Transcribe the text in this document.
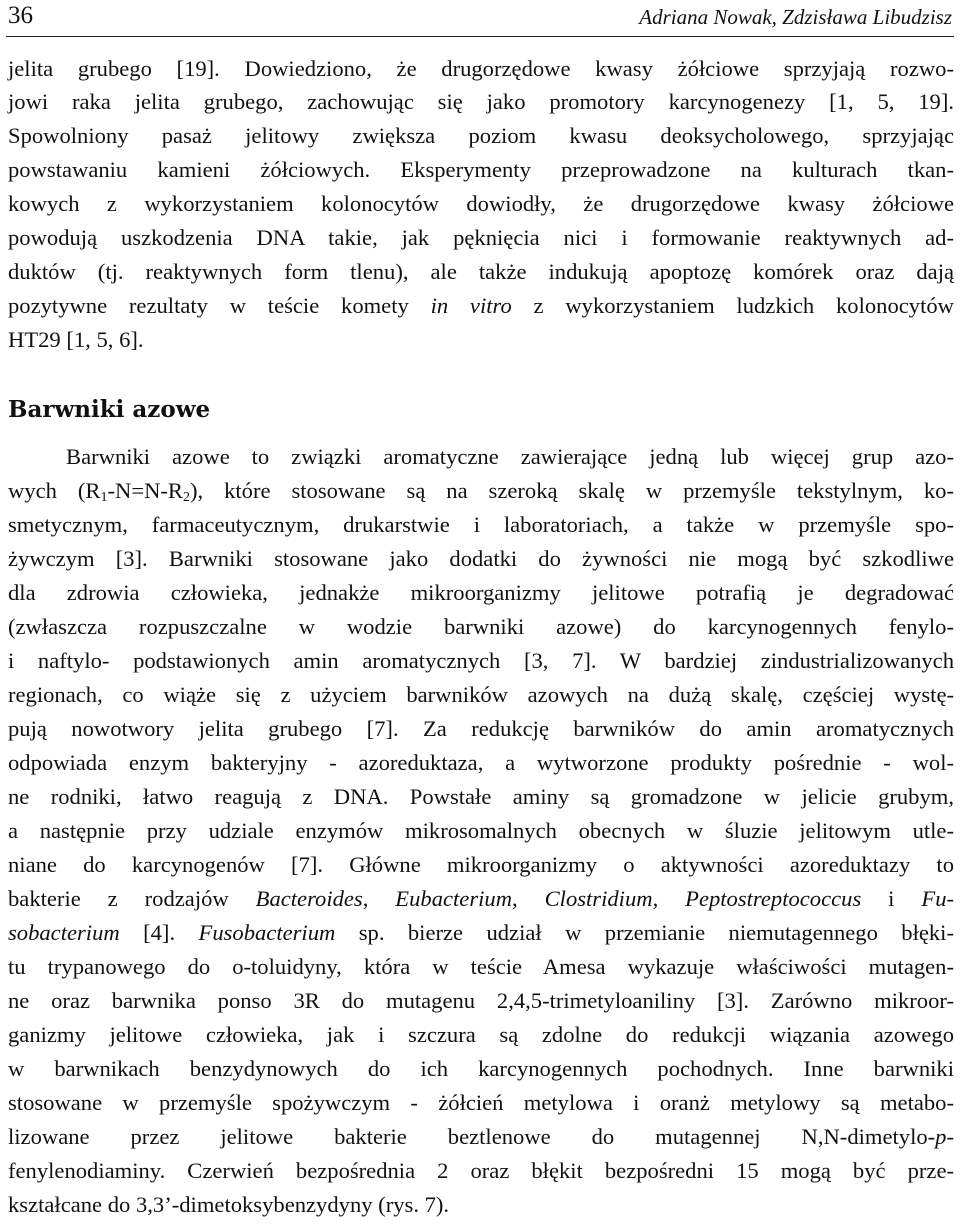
36	Adriana Nowak, Zdzisława Libudzisz
jelita grubego [19]. Dowiedziono, że drugorzędowe kwasy żółciowe sprzyjają rozwo-
jowi raka jelita grubego, zachowując się jako promotory karcynogenezy [1, 5, 19].
Spowolniony pasaż jelitowy zwiększa poziom kwasu deoksycholowego, sprzyjając
powstawaniu kamieni żółciowych. Eksperymenty przeprowadzone na kulturach tkan-
kowych z wykorzystaniem kolonocytów dowiodły, że drugorzędowe kwasy żółciowe
powodują uszkodzenia DNA takie, jak pęknięcia nici i formowanie reaktywnych ad-
duktów (tj. reaktywnych form tlenu), ale także indukują apoptozę komórek oraz dają
pozytywne rezultaty w teście komety in vitro z wykorzystaniem ludzkich kolonocytów
HT29 [1, 5, 6].
Barwniki azowe
Barwniki azowe to związki aromatyczne zawierające jedną lub więcej grup azo-
wych $(R_1-N=N-R_2)$, które stosowane są na szeroką skalę w przemyśle tekstylnym, ko-
smetycznym, farmaceutycznym, drukarstwie i laboratoriach, a także w przemyśle spo-
żywczym [3]. Barwniki stosowane jako dodatki do żywności nie mogą być szkodliwe
dla zdrowia człowieka, jednakże mikroorganizmy jelitowe potrafią je degradować
(zwłaszcza rozpuszczalne w wodzie barwniki azowe) do karcynogennych fenylo-
i naftylo- podstawionych amin aromatycznych [3, 7]. W bardziej zindustrializowanych
regionach, co wiąże się z użyciem barwników azowych na dużą skalę, częściej wystę-
pują nowotwory jelita grubego [7]. Za redukcję barwników do amin aromatycznych
odpowiada enzym bakteryjny - azoreduktaza, a wytworzone produkty pośrednie - wol-
ne rodniki, łatwo reagują z DNA. Powstałe aminy są gromadzone w jelicie grubym,
a następnie przy udziale enzymów mikrosomalnych obecnych w śluzie jelitowym utle-
niane do karcynogenów [7]. Główne mikroorganizmy o aktywności azoreduktazy to
bakterie z rodzajów Bacteroides, Eubacterium, Clostridium, Peptostreptococcus i Fu-
sobacterium [4]. Fusobacterium sp. bierze udział w przemianie niemutagennego błęki-
tu trypanowego do o-toluidyny, która w teście Amesa wykazuje właściwości mutagen-
ne oraz barwnika ponso 3R do mutagenu 2,4,5-trimetyloaniliny [3]. Zarówno mikroor-
ganizmy jelitowe człowieka, jak i szczura są zdolne do redukcji wiązania azowego
w barwnikach benzydynowych do ich karcynogennych pochodnych. Inne barwniki
stosowane w przemyśle spożywczym - żółcień metylowa i oranż metylowy są metabo-
lizowane przez jelitowe bakterie beztlenowe do mutagennej N,N-dimetylo-p-
fenylenodiaminy. Czerwień bezpośrednia 2 oraz błękit bezpośredni 15 mogą być prze-
kształcane do 3,3’-dimetoksybenzydyny (rys. 7).
